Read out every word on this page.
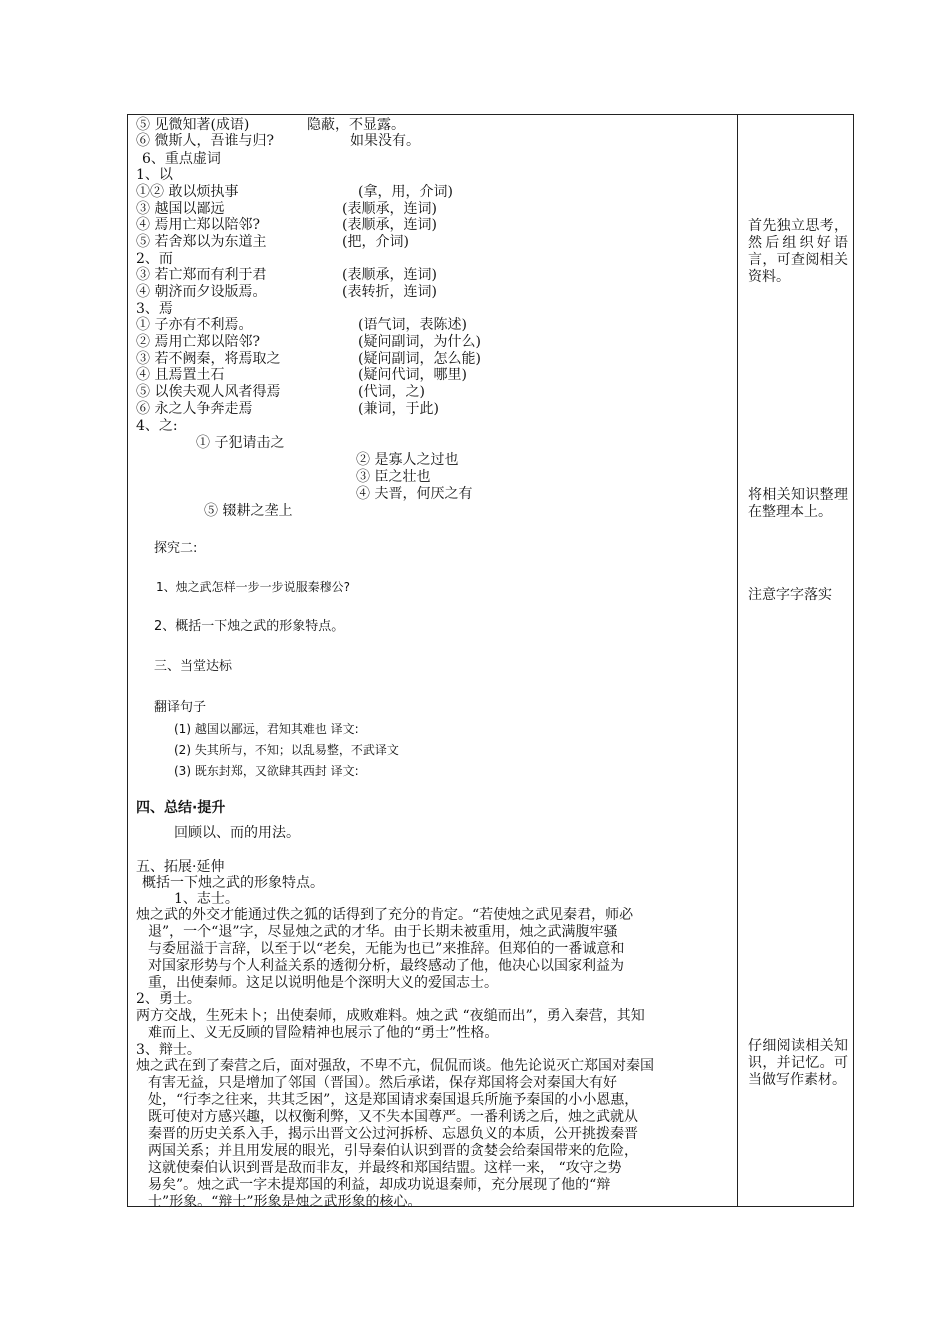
⑤ 见微知著(成语)	隐蔽，不显露。
⑥ 微斯人，吾谁与归?	如果没有。
6、重点虚词
1、以
①② 敢以烦执事	(拿，用，介词)
③ 越国以鄙远	(表顺承，连词)
④ 焉用亡郑以陪邻?	(表顺承，连词)
⑤ 若舍郑以为东道主	(把，介词)
2、而
③ 若亡郑而有利于君	(表顺承，连词)
④ 朝济而夕设版焉。	(表转折，连词)
3、焉
① 子亦有不利焉。	(语气词，表陈述)
② 焉用亡郑以陪邻?	(疑问副词，为什么)
③ 若不阙秦，将焉取之	(疑问副词，怎么能)
④ 且焉置土石	(疑问代词，哪里)
⑤ 以俟夫观人风者得焉	(代词，之)
⑥ 永之人争奔走焉	(兼词，于此)
4、之:
① 子犯请击之
② 是寡人之过也
③ 臣之壮也
④ 夫晋，何厌之有
⑤ 辍耕之垄上
探究二:
1、烛之武怎样一步一步说服秦穆公?
2、概括一下烛之武的形象特点。
三、当堂达标
翻译句子
(1) 越国以鄙远，君知其难也 译文:
(2) 失其所与，不知；以乱易整，不武译文
(3) 既东封郑，又欲肆其西封 译文:
四、总结·提升
回顾以、而的用法。
五、拓展·延伸
概括一下烛之武的形象特点。
1、志士。
烛之武的外交才能通过佚之狐的话得到了充分的肯定。“若使烛之武见秦君，师必
退”，一个“退”字，尽显烛之武的才华。由于长期未被重用，烛之武满腹牢骚
与委屈溢于言辞，以至于以“老矣，无能为也已”来推辞。但郑伯的一番诚意和
对国家形势与个人利益关系的透彻分析，最终感动了他，他决心以国家利益为
重，出使秦师。这足以说明他是个深明大义的爱国志士。
2、勇士。
两方交战，生死未卜；出使秦师，成败难料。烛之武 “夜缒而出”，勇入秦营，其知
难而上、义无反顾的冒险精神也展示了他的“勇士”性格。
3、辩士。
烛之武在到了秦营之后，面对强敌，不卑不亢，侃侃而谈。他先论说灭亡郑国对秦国
有害无益，只是增加了邻国（晋国）。然后承诺，保存郑国将会对秦国大有好
处，“行李之往来，共其乏困”，这是郑国请求秦国退兵所施予秦国的小小恩惠，
既可使对方感兴趣，以权衡利弊，又不失本国尊严。一番利诱之后，烛之武就从
秦晋的历史关系入手，揭示出晋文公过河拆桥、忘恩负义的本质，公开挑拨秦晋
两国关系；并且用发展的眼光，引导秦伯认识到晋的贪婪会给秦国带来的危险，
这就使秦伯认识到晋是敌而非友，并最终和郑国结盟。这样一来， “攻守之势
易矣”。烛之武一字未提郑国的利益，却成功说退秦师，充分展现了他的“辩
士”形象。“辩士”形象是烛之武形象的核心。
首先独立思考，然后组织好语言，可查阅相关资料。
将相关知识整理在整理本上。
注意字字落实
仔细阅读相关知识，并记忆。可当做写作素材。
